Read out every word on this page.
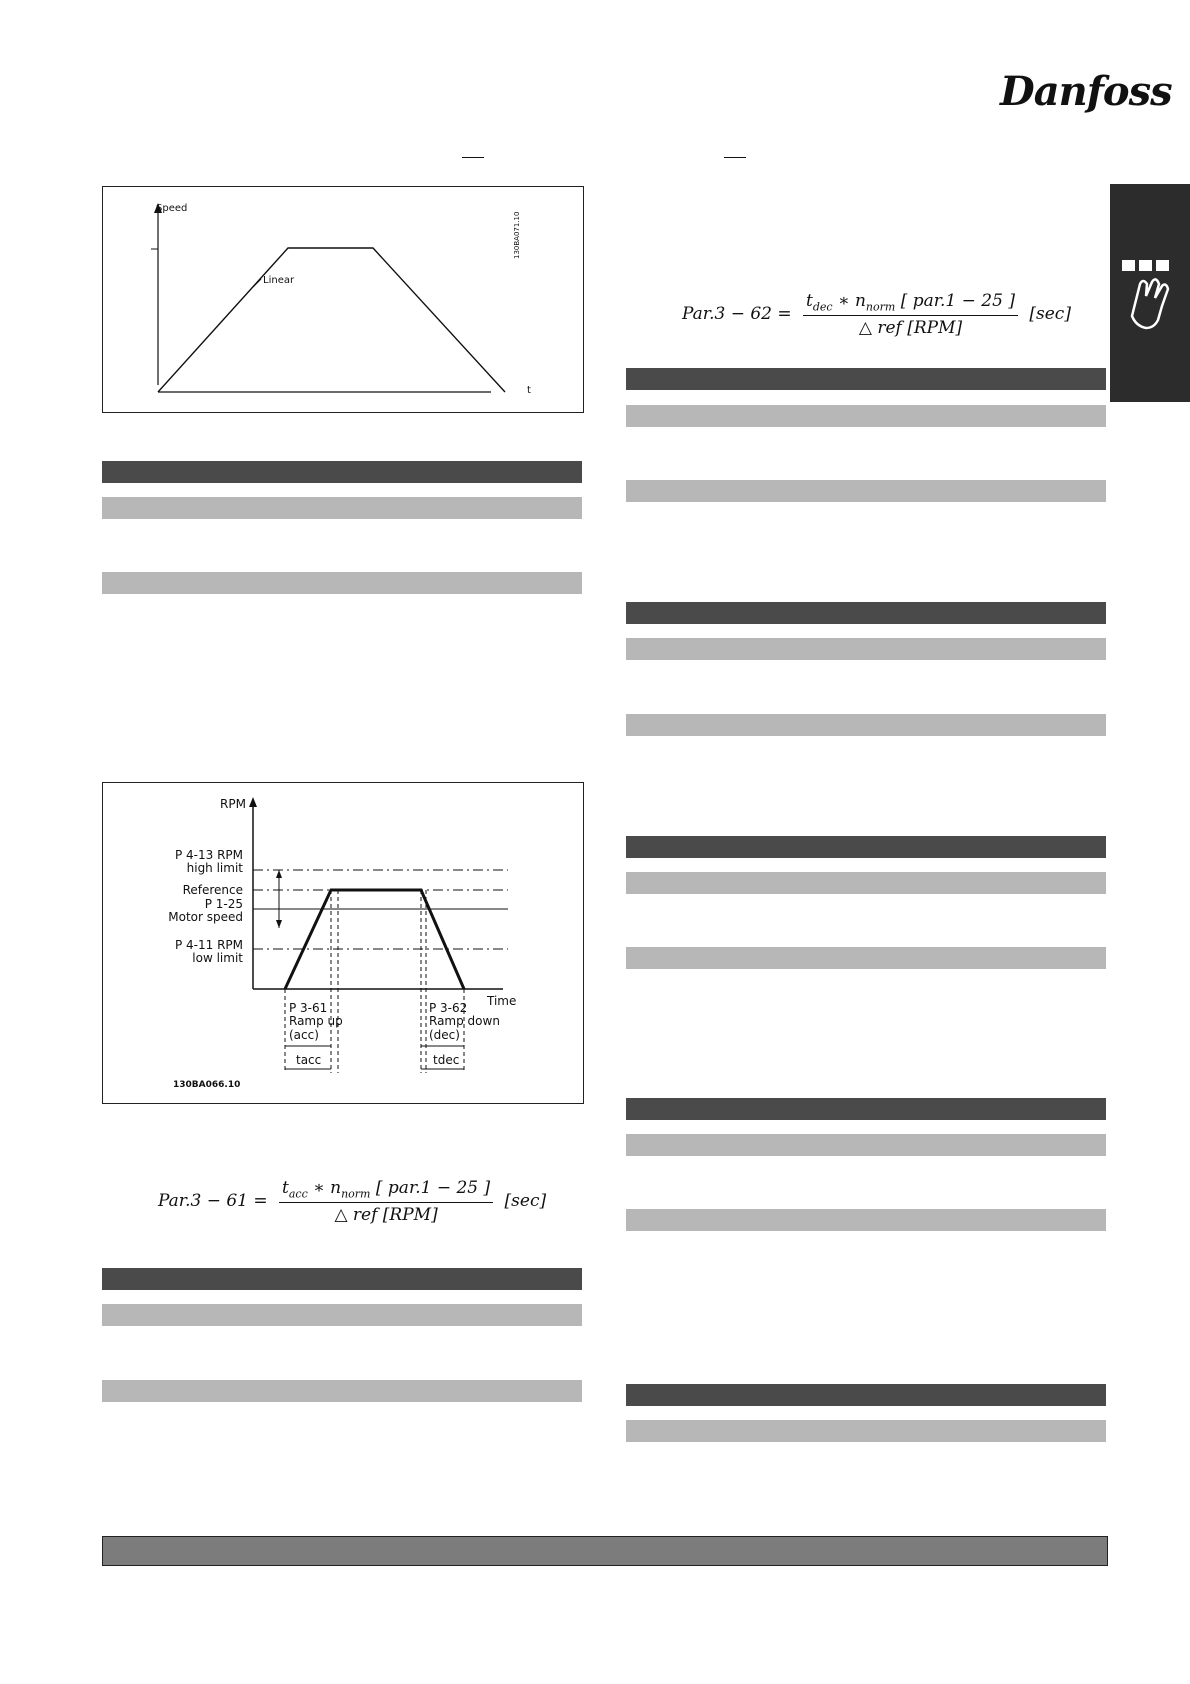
Danfoss
Speed
Linear
t
130BA071.10
RPM
Time
P 4-13 RPM
high limit
Reference
P 1-25
Motor speed
P 4-11 RPM
low limit
P 3-61
Ramp up
(acc)
P 3-62
Ramp down
(dec)
tacc	tdec
130BA066.10
$Par.3 - 61 = \frac{t_{acc} ∗ n_{norm} [ par.1 - 25 ]}{\text{△ ref [RPM]}} [\sec]$
$Par.3 - 62 = \frac{t_{dec} ∗ n_{norm} [ par.1 - 25 ]}{\text{△ ref [RPM]}} [\sec]$
